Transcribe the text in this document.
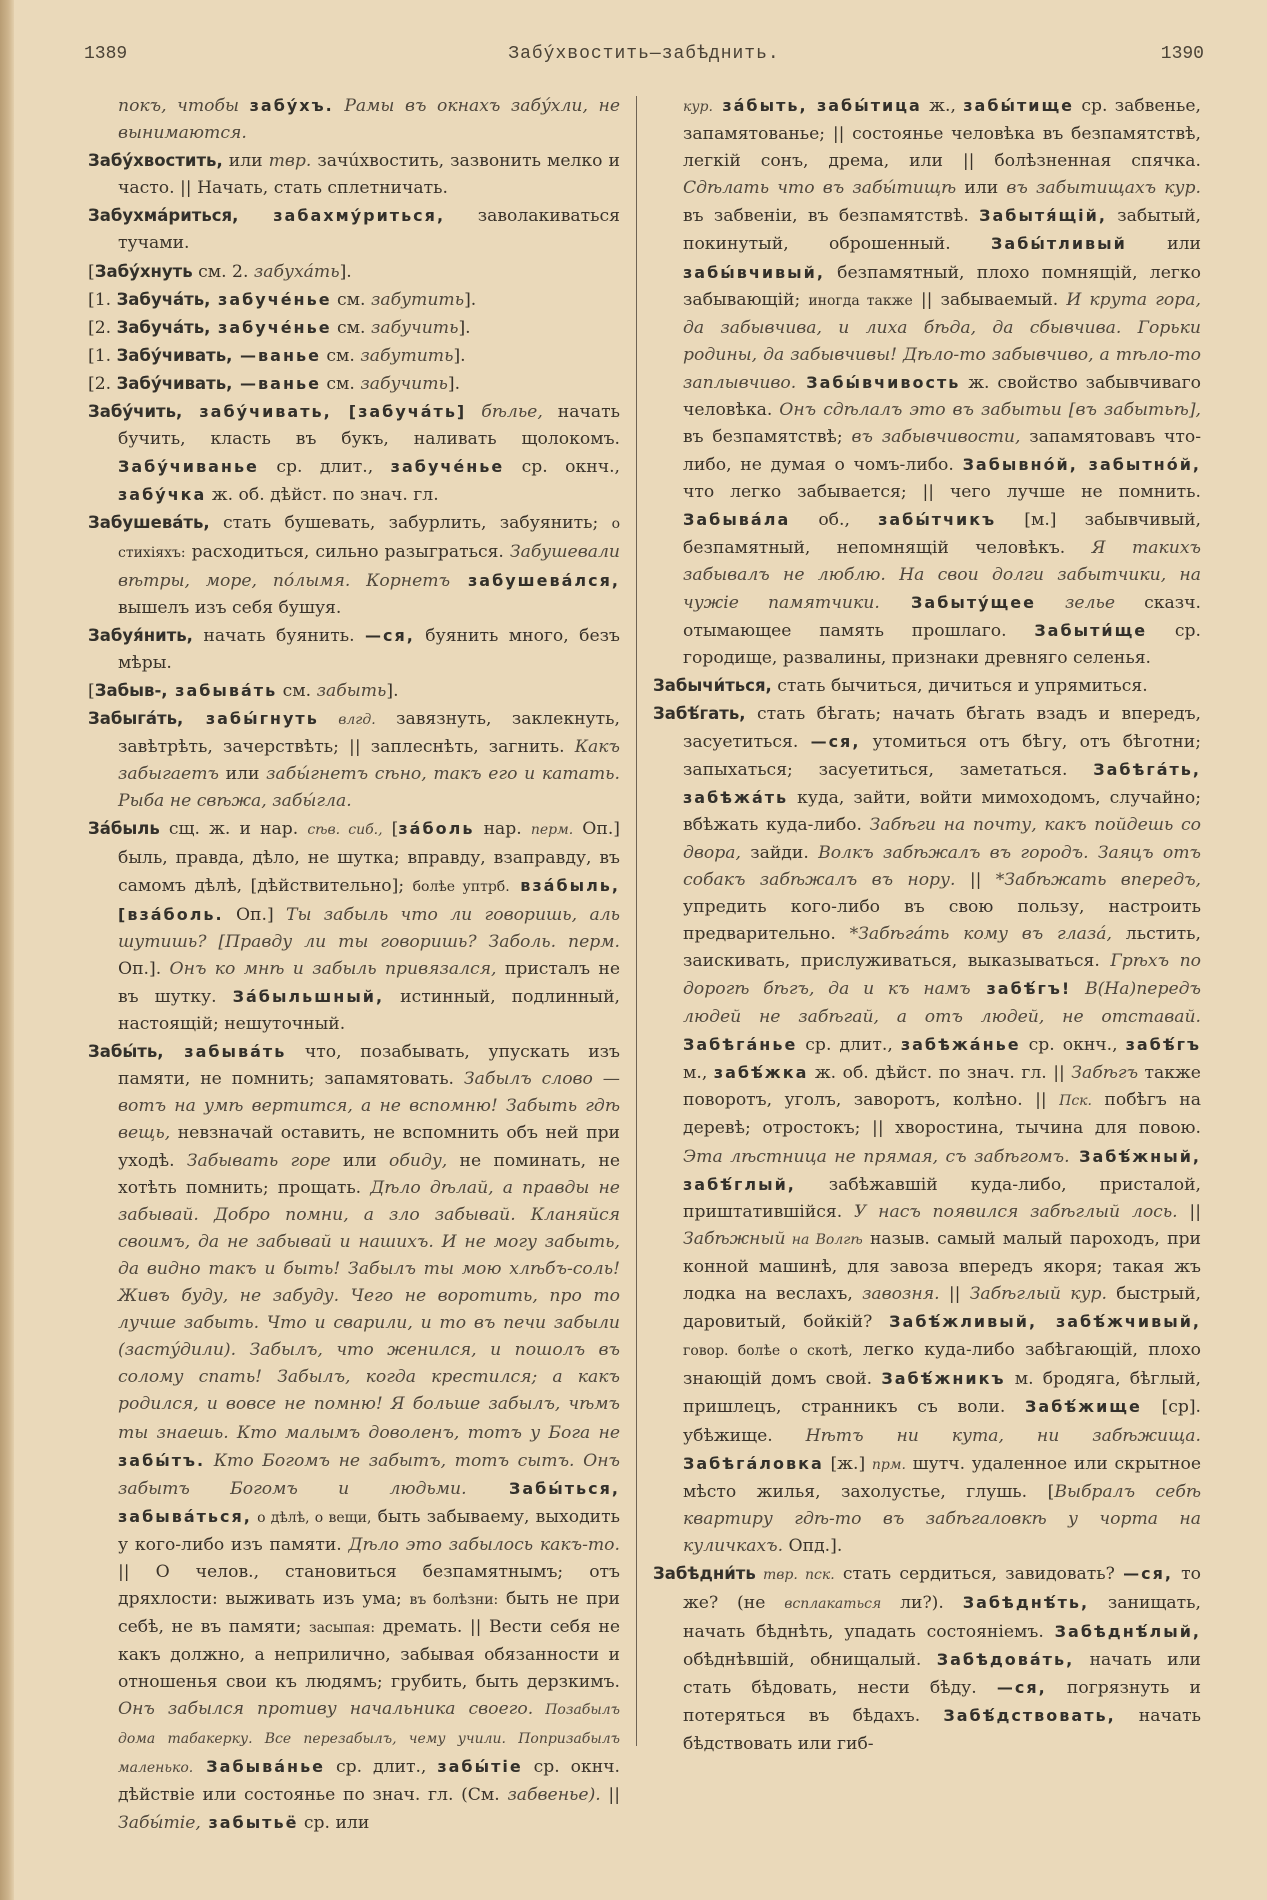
1389	Забýхвостить—забѣднить.	1390

покъ, чтобы забýхъ. Рамы въ окнахъ забýхли, не вынимаются.

Забýхвостить, или твр. зачúхвостить, зазвонить мелко и часто. || Начать, стать сплетничать.

Забухмáриться, забахмýриться, заволакиваться тучами.

[Забýхнуть см. 2. забухáть].

[1. Забучáть, забучéнье см. забутить].

[2. Забучáть, забучéнье см. забучить].

[1. Забýчивать, —ванье см. забутить].

[2. Забýчивать, —ванье см. забучить].

Забýчить, забýчивать, [забучáть] бѣлье, начать бучить, класть въ букъ, наливать щолокомъ. Забýчиванье ср. длит., забучéнье ср. окнч., забýчка ж. об. дѣйст. по знач. гл.

Забушевáть, стать бушевать, забурлить, забуянить; о стихіяхъ: расходиться, сильно разыграться. Забушевали вѣтры, море, пóлымя. Корнетъ забушевáлся, вышелъ изъ себя бушуя.

Забуя́нить, начать буянить. —ся, буянить много, безъ мѣры.

[Забыв-, забывáть см. забыть].

Забыгáть, забы́гнуть влгд. завязнуть, заклекнуть, завѣтрѣть, зачерствѣть; || заплеснѣть, загнить. Какъ забыгаетъ или забы́гнетъ сѣно, такъ его и катать. Рыба не свѣжа, забы́гла.

Зáбыль сщ. ж. и нар. сѣв. сиб., [зáболь нар. перм. Оп.] быль, правда, дѣло, не шутка; вправду, взаправду, въ самомъ дѣлѣ, [дѣйствительно]; болѣе уптрб. взáбыль, [взáболь. Оп.] Ты забыль что ли говоришь, аль шутишь? [Правду ли ты говоришь? Заболь. перм. Оп.]. Онъ ко мнѣ и забыль привязался, присталъ не въ шутку. Зáбыльшный, истинный, подлинный, настоящій; нешуточный.

Забы́ть, забывáть что, позабывать, упускать изъ памяти, не помнить; запамятовать. Забылъ слово — вотъ на умѣ вертится, а не вспомню! Забыть гдѣ вещь, невзначай оставить, не вспомнить объ ней при уходѣ. Забывать горе или обиду, не поминать, не хотѣть помнить; прощать. Дѣло дѣлай, а правды не забывай. Добро помни, а зло забывай. Кланяйся своимъ, да не забывай и нашихъ. И не могу забыть, да видно такъ и быть! Забылъ ты мою хлѣбъ-соль! Живъ буду, не забуду. Чего не воротить, про то лучше забыть. Что и сварили, и то въ печи забыли (застýдили). Забылъ, что женился, и пошолъ въ солому спать! Забылъ, когда крестился; а какъ родился, и вовсе не помню! Я больше забылъ, чѣмъ ты знаешь. Кто малымъ доволенъ, тотъ у Бога не забы́тъ. Кто Богомъ не забытъ, тотъ сытъ. Онъ забытъ Богомъ и людьми. Забы́ться, забывáться, о дѣлѣ, о вещи, быть забываему, выходить у кого-либо изъ памяти. Дѣло это забылось какъ-то. || О челов., становиться безпамятнымъ; отъ дряхлости: выживать изъ ума; въ болѣзни: быть не при себѣ, не въ памяти; засыпая: дремать. || Вести себя не какъ должно, а неприлично, забывая обязанности и отношенья свои къ людямъ; грубить, быть дерзкимъ. Онъ забылся противу начальника своего. Позабылъ дома табакерку. Все перезабылъ, чему учили. Попризабылъ маленько. Забывáнье ср. длит., забы́тіе ср. окнч. дѣйствіе или состоянье по знач. гл. (См. забвенье). || Забы́тіе, забытьё ср. или

кур. зáбыть, забы́тица ж., забы́тище ср. забвенье, запамятованье; || состоянье человѣка въ безпамятствѣ, легкій сонъ, дрема, или || болѣзненная спячка. Сдѣлать что въ забы́тищѣ или въ забытищахъ кур. въ забвеніи, въ безпамятствѣ. Забытя́щій, забытый, покинутый, оброшенный. Забы́тливый или забы́вчивый, безпамятный, плохо помнящій, легко забывающій; иногда также || забываемый. И крута гора, да забывчива, и лиха бѣда, да сбывчива. Горьки родины, да забывчивы! Дѣло-то забывчиво, а тѣло-то заплывчиво. Забы́вчивость ж. свойство забывчиваго человѣка. Онъ сдѣлалъ это въ забытьи [въ забытьѣ], въ безпамятствѣ; въ забывчивости, запамятовавъ что-либо, не думая о чомъ-либо. Забывнóй, забытнóй, что легко забывается; || чего лучше не помнить. Забывáла об., забы́тчикъ [м.] забывчивый, безпамятный, непомнящій человѣкъ. Я такихъ забывалъ не люблю. На свои долги забытчики, на чужіе памятчики. Забытýщее зелье сказч. отымающее память прошлаго. Забыти́ще ср. городище, развалины, признаки древняго селенья.

Забычи́ться, стать бычиться, дичиться и упрямиться.

Забѣ́гать, стать бѣгать; начать бѣгать взадъ и впередъ, засуетиться. —ся, утомиться отъ бѣгу, отъ бѣготни; запыхаться; засуетиться, заметаться. Забѣгáть, забѣжáть куда, зайти, войти мимоходомъ, случайно; вбѣжать куда-либо. Забѣги на почту, какъ пойдешь со двора, зайди. Волкъ забѣжалъ въ городъ. Заяцъ отъ собакъ забѣжалъ въ нору. || *Забѣжать впередъ, упредить кого-либо въ свою пользу, настроить предварительно. *Забѣгáть кому въ глазá, льстить, заискивать, прислуживаться, выказываться. Грѣхъ по дорогѣ бѣгъ, да и къ намъ забѣ́гъ! В(На)передъ людей не забѣгай, а отъ людей, не отставай. Забѣгáнье ср. длит., забѣжáнье ср. окнч., забѣ́гъ м., забѣ́жка ж. об. дѣйст. по знач. гл. || Забѣгъ также поворотъ, уголъ, заворотъ, колѣно. || Пск. побѣгъ на деревѣ; отростокъ; || хворостина, тычина для повою. Эта лѣстница не прямая, съ забѣгомъ. Забѣ́жный, забѣ́глый, забѣжавшій куда-либо, присталой, приштатившійся. У насъ появился забѣглый лось. || Забѣжный на Волгѣ назыв. самый малый пароходъ, при конной машинѣ, для завоза впередъ якоря; такая жъ лодка на веслахъ, завозня. || Забѣглый кур. быстрый, даровитый, бойкій? Забѣ́жливый, забѣ́жчивый, говор. болѣе о скотѣ, легко куда-либо забѣгающій, плохо знающій домъ свой. Забѣ́жникъ м. бродяга, бѣглый, пришлецъ, странникъ съ воли. Забѣ́жище [ср]. убѣжище. Нѣтъ ни кута, ни забѣжища. Забѣгáловка [ж.] прм. шутч. удаленное или скрытное мѣсто жилья, захолустье, глушь. [Выбралъ себѣ квартиру гдѣ-то въ забѣгаловкѣ у чорта на куличкахъ. Опд.].

Забѣдни́ть твр. пск. стать сердиться, завидовать? —ся, то же? (не всплакаться ли?). Забѣднѣ́ть, занищать, начать бѣднѣть, упадать состояніемъ. Забѣднѣ́лый, обѣднѣвшій, обнищалый. Забѣдовáть, начать или стать бѣдовать, нести бѣду. —ся, погрязнуть и потеряться въ бѣдахъ. Забѣ́дствовать, начать бѣдствовать или гиб-
